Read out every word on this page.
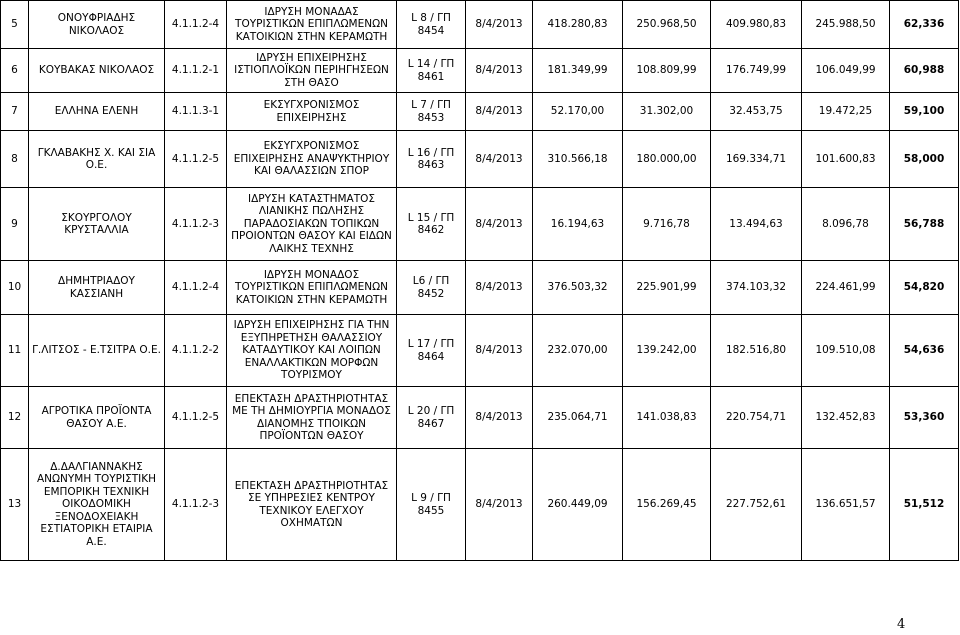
5	ΟΝΟΥΦΡΙΑΔΗΣ ΝΙΚΟΛΑΟΣ	4.1.1.2-4	ΙΔΡΥΣΗ ΜΟΝΑΔΑΣ ΤΟΥΡΙΣΤΙΚΩΝ ΕΠΙΠΛΩΜΕΝΩΝ ΚΑΤΟΙΚΙΩΝ ΣΤΗΝ ΚΕΡΑΜΩΤΗ	L 8 / ΓΠ 8454	8/4/2013	418.280,83	250.968,50	409.980,83	245.988,50	62,336
6	ΚΟΥΒΑΚΑΣ ΝΙΚΟΛΑΟΣ	4.1.1.2-1	ΙΔΡΥΣΗ ΕΠΙΧΕΙΡΗΣΗΣ ΙΣΤΙΟΠΛΟΪΚΩΝ ΠΕΡΙΗΓΗΣΕΩΝ ΣΤΗ ΘΑΣΟ	L 14 / ΓΠ 8461	8/4/2013	181.349,99	108.809,99	176.749,99	106.049,99	60,988
7	ΕΛΛΗΝΑ ΕΛΕΝΗ	4.1.1.3-1	ΕΚΣΥΓΧΡΟΝΙΣΜΟΣ ΕΠΙΧΕΙΡΗΣΗΣ	L 7 / ΓΠ 8453	8/4/2013	52.170,00	31.302,00	32.453,75	19.472,25	59,100
8	ΓΚΛΑΒΑΚΗΣ Χ. ΚΑΙ ΣΙΑ Ο.Ε.	4.1.1.2-5	ΕΚΣΥΓΧΡΟΝΙΣΜΟΣ ΕΠΙΧΕΙΡΗΣΗΣ ΑΝΑΨΥΚΤΗΡΙΟΥ ΚΑΙ ΘΑΛΑΣΣΙΩΝ ΣΠΟΡ	L 16 / ΓΠ 8463	8/4/2013	310.566,18	180.000,00	169.334,71	101.600,83	58,000
9	ΣΚΟΥΡΓΟΛΟΥ ΚΡΥΣΤΑΛΛΙΑ	4.1.1.2-3	ΙΔΡΥΣΗ ΚΑΤΑΣΤΗΜΑΤΟΣ ΛΙΑΝΙΚΗΣ ΠΩΛΗΣΗΣ ΠΑΡΑΔΟΣΙΑΚΩΝ ΤΟΠΙΚΩΝ ΠΡΟΙΟΝΤΩΝ ΘΑΣΟΥ ΚΑΙ ΕΙΔΩΝ ΛΑΙΚΗΣ ΤΕΧΝΗΣ	L 15 / ΓΠ 8462	8/4/2013	16.194,63	9.716,78	13.494,63	8.096,78	56,788
10	ΔΗΜΗΤΡΙΑΔΟΥ ΚΑΣΣΙΑΝΗ	4.1.1.2-4	ΙΔΡΥΣΗ ΜΟΝΑΔΟΣ ΤΟΥΡΙΣΤΙΚΩΝ ΕΠΙΠΛΩΜΕΝΩΝ ΚΑΤΟΙΚΙΩΝ ΣΤΗΝ ΚΕΡΑΜΩΤΗ	L6 / ΓΠ 8452	8/4/2013	376.503,32	225.901,99	374.103,32	224.461,99	54,820
11	Γ.ΛΙΤΣΟΣ - Ε.ΤΣΙΤΡΑ Ο.Ε.	4.1.1.2-2	ΙΔΡΥΣΗ ΕΠΙΧΕΙΡΗΣΗΣ ΓΙΑ ΤΗΝ ΕΞΥΠΗΡΕΤΗΣΗ ΘΑΛΑΣΣΙΟΥ ΚΑΤΑΔΥΤΙΚΟΥ ΚΑΙ ΛΟΙΠΩΝ ΕΝΑΛΛΑΚΤΙΚΩΝ ΜΟΡΦΩΝ ΤΟΥΡΙΣΜΟΥ	L 17 / ΓΠ 8464	8/4/2013	232.070,00	139.242,00	182.516,80	109.510,08	54,636
12	ΑΓΡΟΤΙΚΑ ΠΡΟΪΟΝΤΑ ΘΑΣΟΥ Α.Ε.	4.1.1.2-5	ΕΠΕΚΤΑΣΗ ΔΡΑΣΤΗΡΙΟΤΗΤΑΣ ΜΕ ΤΗ ΔΗΜΙΟΥΡΓΙΑ ΜΟΝΑΔΟΣ ΔΙΑΝΟΜΗΣ ΤΠΟΙΚΩΝ ΠΡΟΪΟΝΤΩΝ ΘΑΣΟΥ	L 20 / ΓΠ 8467	8/4/2013	235.064,71	141.038,83	220.754,71	132.452,83	53,360
13	Δ.ΔΑΛΓΙΑΝΝΑΚΗΣ ΑΝΩΝΥΜΗ ΤΟΥΡΙΣΤΙΚΗ ΕΜΠΟΡΙΚΗ ΤΕΧΝΙΚΗ ΟΙΚΟΔΟΜΙΚΗ ΞΕΝΟΔΟΧΕΙΑΚΗ ΕΣΤΙΑΤΟΡΙΚΗ ΕΤΑΙΡΙΑ Α.Ε.	4.1.1.2-3	ΕΠΕΚΤΑΣΗ ΔΡΑΣΤΗΡΙΟΤΗΤΑΣ ΣΕ ΥΠΗΡΕΣΙΕΣ ΚΕΝΤΡΟΥ ΤΕΧΝΙΚΟΥ ΕΛΕΓΧΟΥ ΟΧΗΜΑΤΩΝ	L 9 / ΓΠ 8455	8/4/2013	260.449,09	156.269,45	227.752,61	136.651,57	51,512
4
